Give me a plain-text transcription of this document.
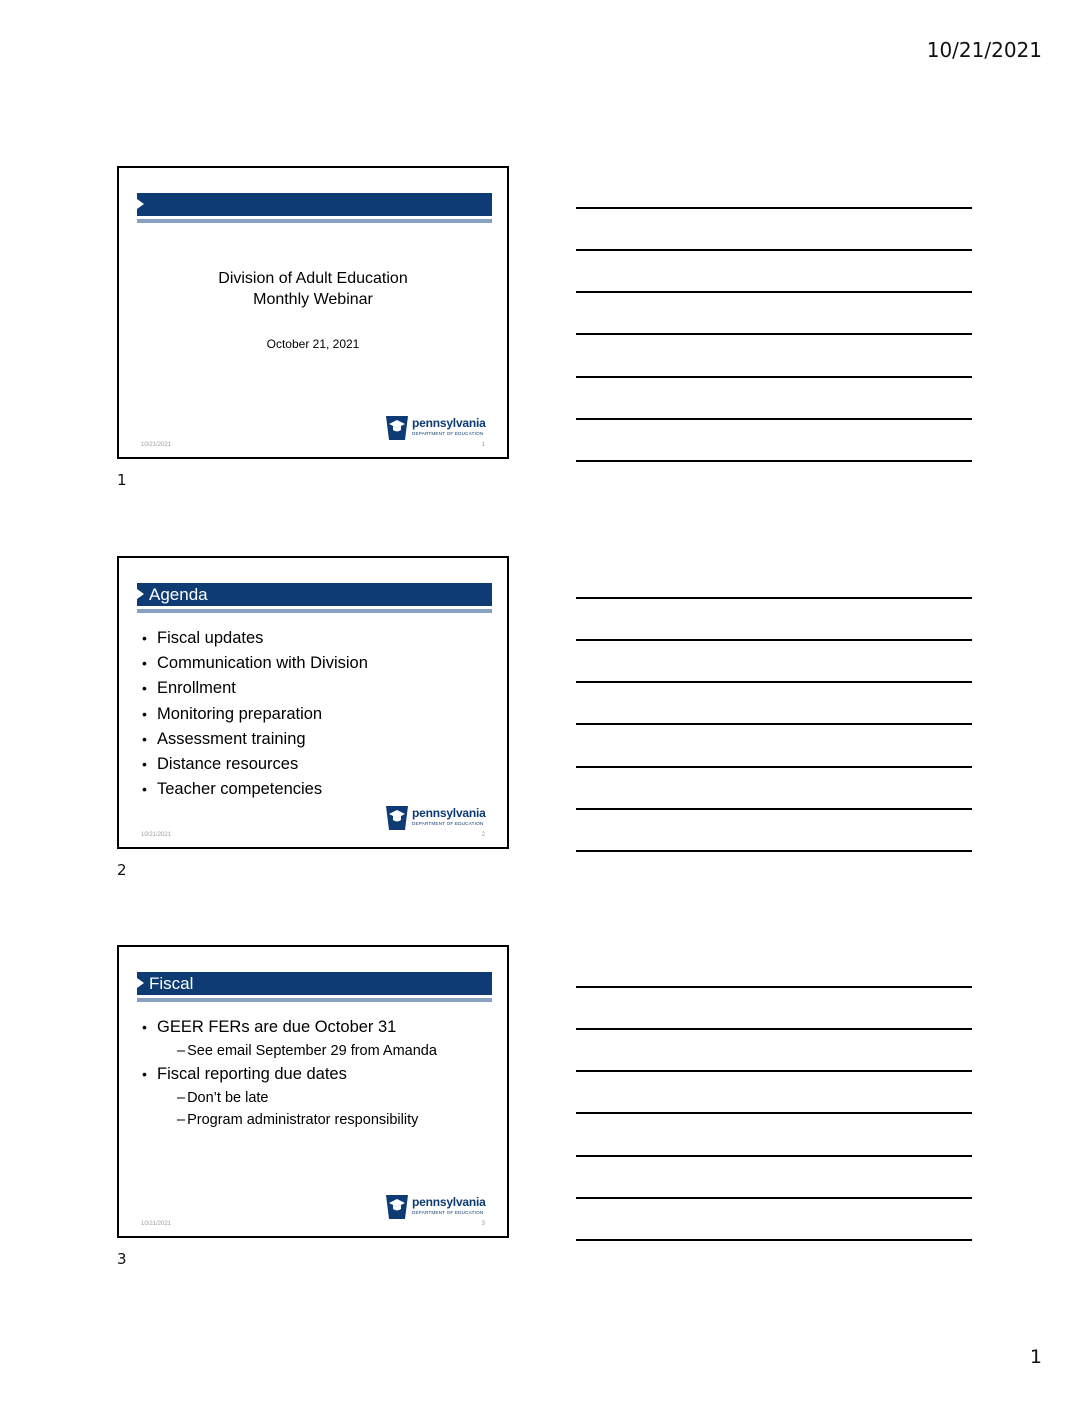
10/21/2021
Division of Adult Education
Monthly Webinar
October 21, 2021
pennsylvania
DEPARTMENT OF EDUCATION
10/21/2021	1
1
Agenda
• Fiscal updates
• Communication with Division
• Enrollment
• Monitoring preparation
• Assessment training
• Distance resources
• Teacher competencies
pennsylvania
DEPARTMENT OF EDUCATION
10/21/2021	2
2
Fiscal
• GEER FERs are due October 31
– See email September 29 from Amanda
• Fiscal reporting due dates
– Don’t be late
– Program administrator responsibility
pennsylvania
DEPARTMENT OF EDUCATION
10/21/2021	3
3
1
